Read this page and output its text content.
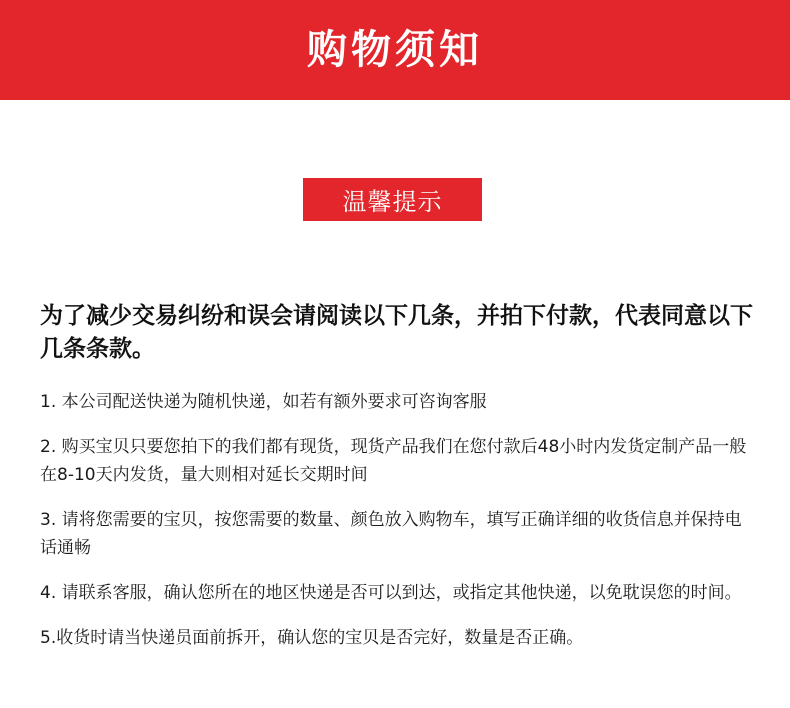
购物须知
温馨提示
为了减少交易纠纷和误会请阅读以下几条，并拍下付款，代表同意以下几条条款。
1. 本公司配送快递为随机快递，如若有额外要求可咨询客服
2. 购买宝贝只要您拍下的我们都有现货，现货产品我们在您付款后48小时内发货定制产品一般在8-10天内发货，量大则相对延长交期时间
3. 请将您需要的宝贝，按您需要的数量、颜色放入购物车，填写正确详细的收货信息并保持电话通畅
4. 请联系客服，确认您所在的地区快递是否可以到达，或指定其他快递，以免耽误您的时间。
5.收货时请当快递员面前拆开，确认您的宝贝是否完好，数量是否正确。
